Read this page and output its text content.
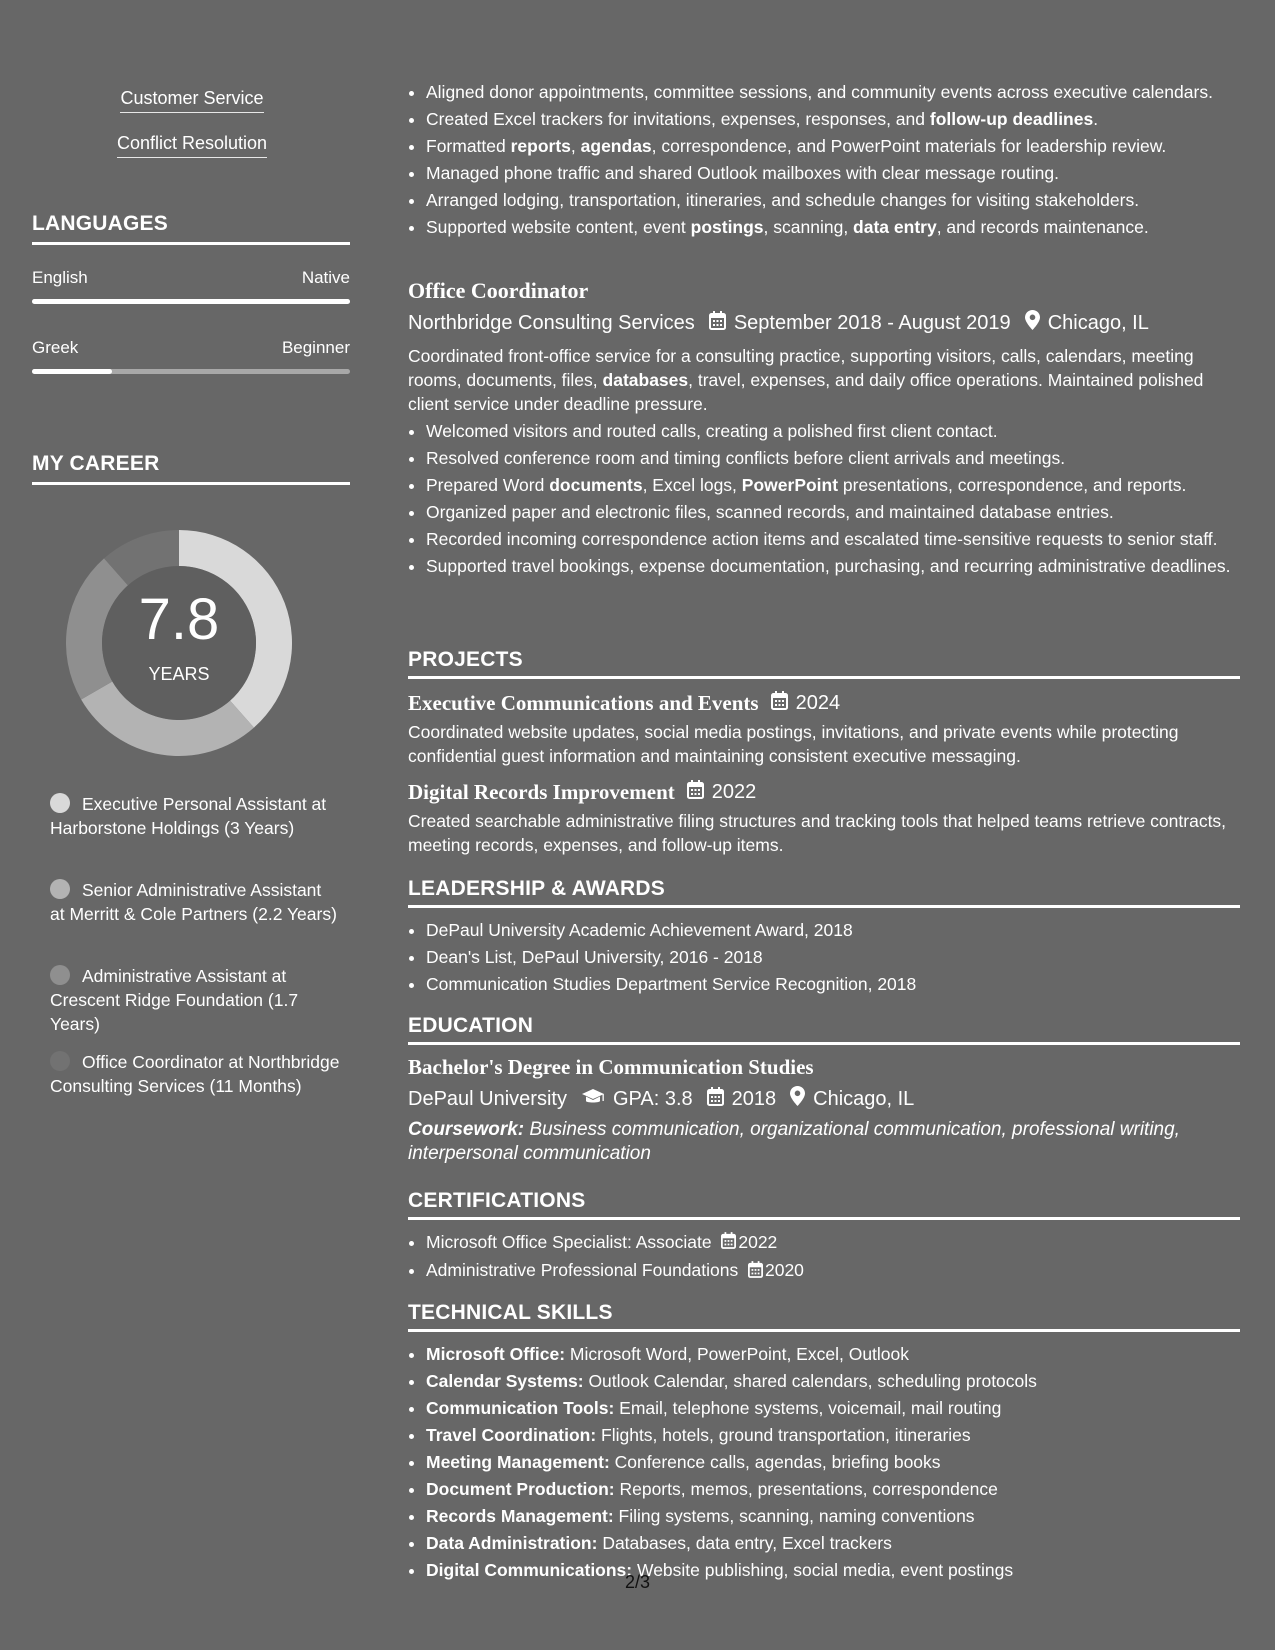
Customer Service
Conflict Resolution
LANGUAGES
English	Native
Greek	Beginner
MY CAREER
7.8
YEARS
Executive Personal Assistant at Harborstone Holdings (3 Years)
Senior Administrative Assistant at Merritt & Cole Partners (2.2 Years)
Administrative Assistant at Crescent Ridge Foundation (1.7 Years)
Office Coordinator at Northbridge Consulting Services (11 Months)
• Aligned donor appointments, committee sessions, and community events across executive calendars.
• Created Excel trackers for invitations, expenses, responses, and follow-up deadlines.
• Formatted reports, agendas, correspondence, and PowerPoint materials for leadership review.
• Managed phone traffic and shared Outlook mailboxes with clear message routing.
• Arranged lodging, transportation, itineraries, and schedule changes for visiting stakeholders.
• Supported website content, event postings, scanning, data entry, and records maintenance.
Office Coordinator
Northbridge Consulting Services September 2018 - August 2019 Chicago, IL
Coordinated front-office service for a consulting practice, supporting visitors, calls, calendars, meeting rooms, documents, files, databases, travel, expenses, and daily office operations. Maintained polished client service under deadline pressure.
• Welcomed visitors and routed calls, creating a polished first client contact.
• Resolved conference room and timing conflicts before client arrivals and meetings.
• Prepared Word documents, Excel logs, PowerPoint presentations, correspondence, and reports.
• Organized paper and electronic files, scanned records, and maintained database entries.
• Recorded incoming correspondence action items and escalated time-sensitive requests to senior staff.
• Supported travel bookings, expense documentation, purchasing, and recurring administrative deadlines.
PROJECTS
Executive Communications and Events 2024
Coordinated website updates, social media postings, invitations, and private events while protecting confidential guest information and maintaining consistent executive messaging.
Digital Records Improvement 2022
Created searchable administrative filing structures and tracking tools that helped teams retrieve contracts, meeting records, expenses, and follow-up items.
LEADERSHIP & AWARDS
• DePaul University Academic Achievement Award, 2018
• Dean's List, DePaul University, 2016 - 2018
• Communication Studies Department Service Recognition, 2018
EDUCATION
Bachelor's Degree in Communication Studies
DePaul University GPA: 3.8 2018 Chicago, IL
Coursework: Business communication, organizational communication, professional writing, interpersonal communication
CERTIFICATIONS
• Microsoft Office Specialist: Associate 2022
• Administrative Professional Foundations 2020
TECHNICAL SKILLS
• Microsoft Office: Microsoft Word, PowerPoint, Excel, Outlook
• Calendar Systems: Outlook Calendar, shared calendars, scheduling protocols
• Communication Tools: Email, telephone systems, voicemail, mail routing
• Travel Coordination: Flights, hotels, ground transportation, itineraries
• Meeting Management: Conference calls, agendas, briefing books
• Document Production: Reports, memos, presentations, correspondence
• Records Management: Filing systems, scanning, naming conventions
• Data Administration: Databases, data entry, Excel trackers
• Digital Communications: Website publishing, social media, event postings
2/3
